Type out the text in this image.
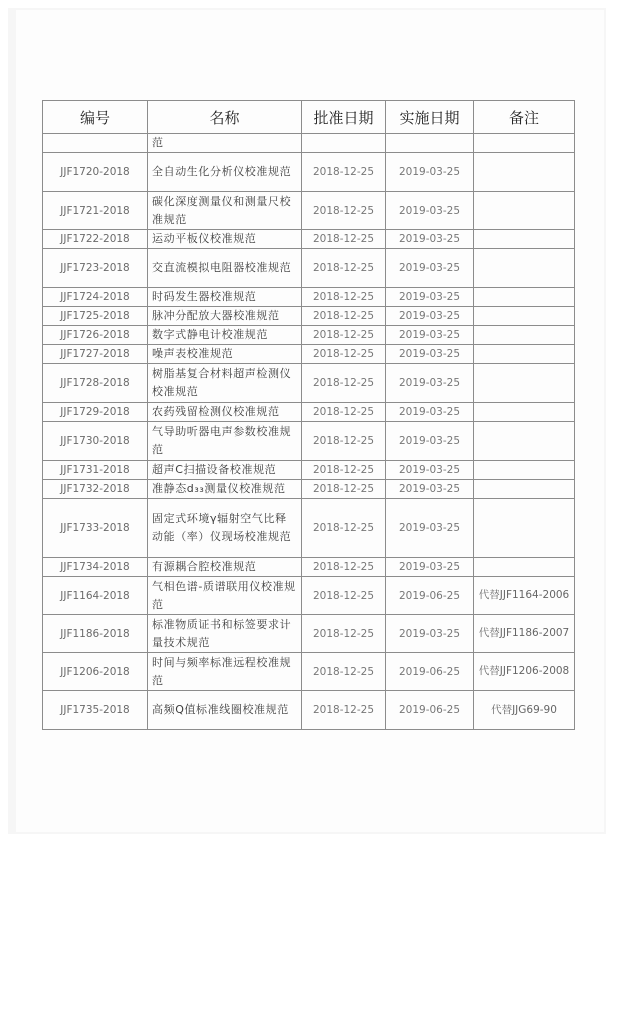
编号	名称	批准日期	实施日期	备注
	范			
JJF1720-2018	全自动生化分析仪校准规范	2018-12-25	2019-03-25	
JJF1721-2018	碳化深度测量仪和测量尺校准规范	2018-12-25	2019-03-25	
JJF1722-2018	运动平板仪校准规范	2018-12-25	2019-03-25	
JJF1723-2018	交直流模拟电阻器校准规范	2018-12-25	2019-03-25	
JJF1724-2018	时码发生器校准规范	2018-12-25	2019-03-25	
JJF1725-2018	脉冲分配放大器校准规范	2018-12-25	2019-03-25	
JJF1726-2018	数字式静电计校准规范	2018-12-25	2019-03-25	
JJF1727-2018	噪声表校准规范	2018-12-25	2019-03-25	
JJF1728-2018	树脂基复合材料超声检测仪校准规范	2018-12-25	2019-03-25	
JJF1729-2018	农药残留检测仪校准规范	2018-12-25	2019-03-25	
JJF1730-2018	气导助听器电声参数校准规范	2018-12-25	2019-03-25	
JJF1731-2018	超声C扫描设备校准规范	2018-12-25	2019-03-25	
JJF1732-2018	准静态d₃₃测量仪校准规范	2018-12-25	2019-03-25	
JJF1733-2018	固定式环境γ辐射空气比释动能（率）仪现场校准规范	2018-12-25	2019-03-25	
JJF1734-2018	有源耦合腔校准规范	2018-12-25	2019-03-25	
JJF1164-2018	气相色谱-质谱联用仪校准规范	2018-12-25	2019-06-25	代替JJF1164-2006
JJF1186-2018	标准物质证书和标签要求计量技术规范	2018-12-25	2019-03-25	代替JJF1186-2007
JJF1206-2018	时间与频率标准远程校准规范	2018-12-25	2019-06-25	代替JJF1206-2008
JJF1735-2018	高频Q值标准线圈校准规范	2018-12-25	2019-06-25	代替JJG69-90
